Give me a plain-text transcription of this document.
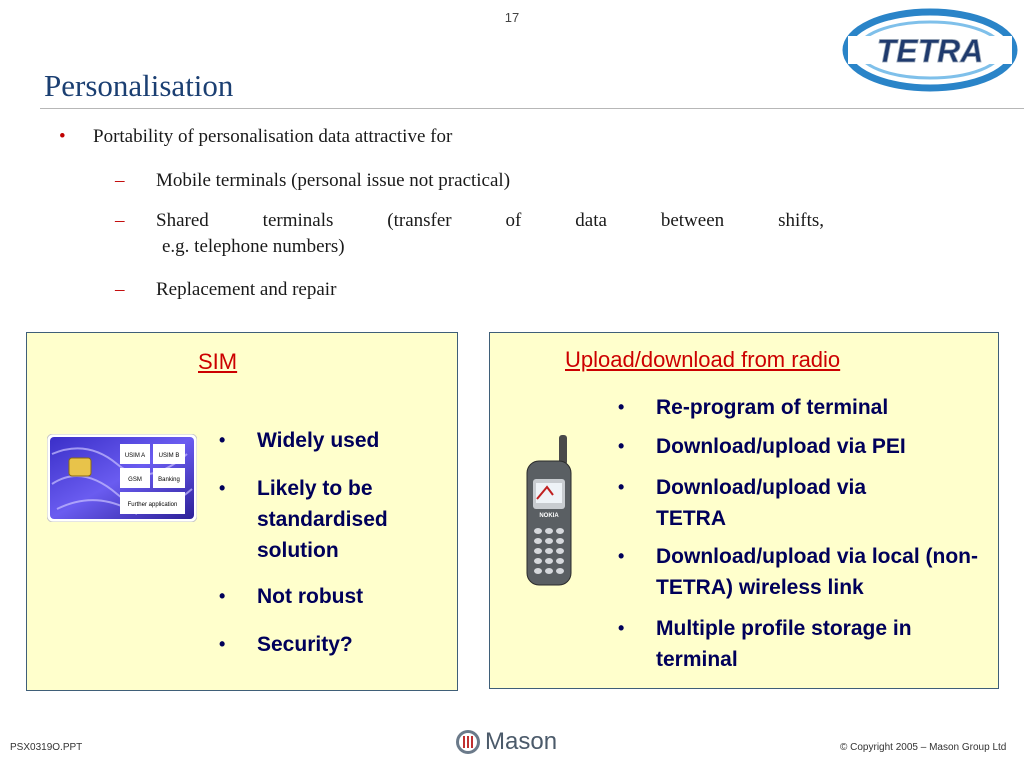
17
TETRA
Personalisation
• Portability of personalisation data attractive for
– Mobile terminals (personal issue not practical)
– Shared	terminals	(transfer	of	data	between	shifts,
e.g. telephone numbers)
– Replacement and repair
SIM
USIM A USIM B
GSM	Banking
Further application
• Widely used
• Likely to be standardised solution
• Not robust
• Security?
Upload/download from radio
NOKIA
• Re-program of terminal
• Download/upload via PEI
• Download/upload via TETRA
• Download/upload via local (non-TETRA) wireless link
• Multiple profile storage in terminal
PSX0319O.PPT	Mason	© Copyright 2005 – Mason Group Ltd
